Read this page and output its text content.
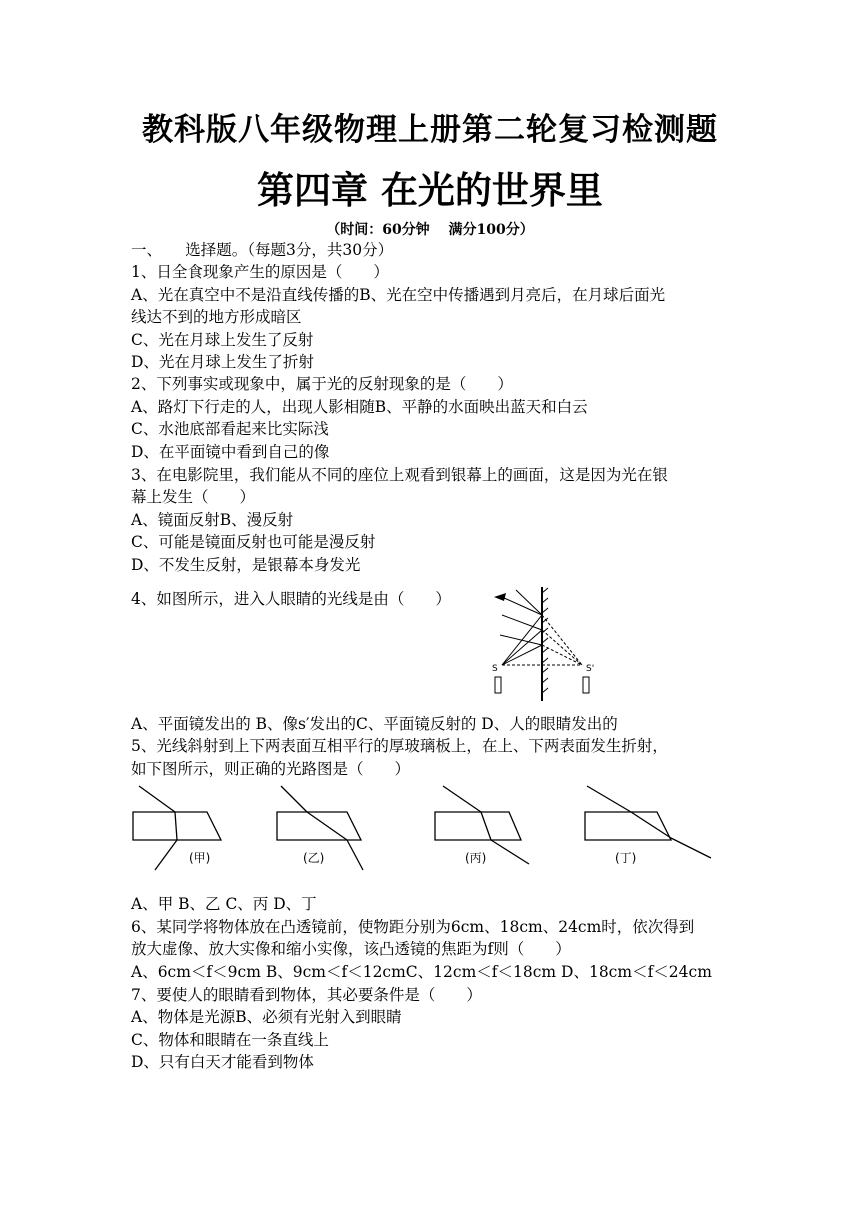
教科版八年级物理上册第二轮复习检测题
第四章 在光的世界里
（时间：60分钟　 满分100分）
一、　　选择题。（每题3分，共30分）
1、日全食现象产生的原因是（　　）
A、光在真空中不是沿直线传播的B、光在空中传播遇到月亮后，在月球后面光
线达不到的地方形成暗区
C、光在月球上发生了反射
D、光在月球上发生了折射
2、下列事实或现象中，属于光的反射现象的是（　　）
A、路灯下行走的人，出现人影相随B、平静的水面映出蓝天和白云
C、水池底部看起来比实际浅
D、在平面镜中看到自己的像
3、在电影院里，我们能从不同的座位上观看到银幕上的画面，这是因为光在银
幕上发生（　　）
A、镜面反射B、漫反射
C、可能是镜面反射也可能是漫反射
D、不发生反射，是银幕本身发光
4、如图所示，进入人眼睛的光线是由（　　）
S	S'
A、平面镜发出的 B、像s′发出的C、平面镜反射的 D、人的眼睛发出的
5、光线斜射到上下两表面互相平行的厚玻璃板上，在上、下两表面发生折射，
如下图所示，则正确的光路图是（　　）
(甲)	(乙)	(丙)	(丁)
A、甲 B、乙 C、丙 D、丁
6、某同学将物体放在凸透镜前，使物距分别为6cm、18cm、24cm时，依次得到
放大虚像、放大实像和缩小实像，该凸透镜的焦距为f则（　　）
A、6cm＜f＜9cm B、9cm＜f＜12cmC、12cm＜f＜18cm D、18cm＜f＜24cm
7、要使人的眼睛看到物体，其必要条件是（　　）
A、物体是光源B、必须有光射入到眼睛
C、物体和眼睛在一条直线上
D、只有白天才能看到物体
